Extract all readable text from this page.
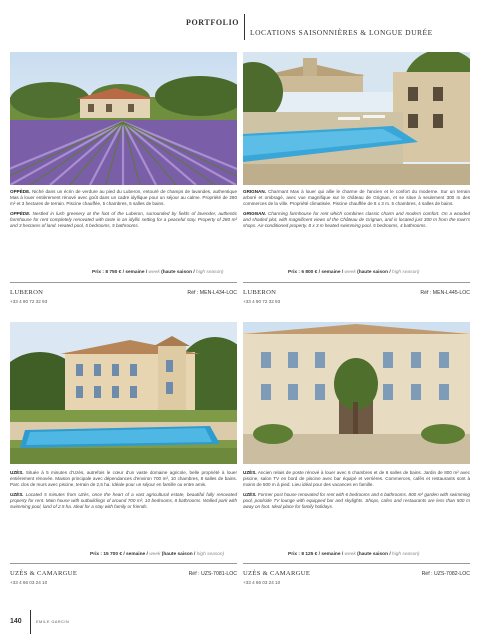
PORTFOLIO
LOCATIONS SAISONNIÈRES & LONGUE DURÉE

OPPÈDE. Niché dans un écrin de verdure au pied du Luberon, entouré de champs de lavandes, authentique Mas à louer entièrement rénové avec goût dans un cadre idyllique pour un séjour au calme. Propriété de 280 m² et 3 hectares de terrain. Piscine chauffée, 5 chambres, 5 salles de bains.

OPPÈDE. Nestled in lush greenery at the foot of the Luberon, surrounded by fields of lavender, authentic farmhouse for rent completely renovated with taste in an idyllic setting for a peaceful stay. Property of 280 m² and 3 hectares of land. Heated pool, 5 bedrooms, 5 bathrooms.

GRIGNAN. Charmant Mas à louer qui allie le charme de l'ancien et le confort du moderne. Sur un terrain arboré et ombragé, avec vue magnifique sur le château de Grignan, et se situe à seulement 300 m des commerces de la ville. Propriété climatisée. Piscine chauffée de 8 x 3 m. 5 chambres, 4 salles de bains.

GRIGNAN. Charming farmhouse for rent which combines classic charm and modern comfort. On a wooded and shaded plot, with magnificent views of the Château de Grignan, and is located just 300 m from the town's shops. Air-conditioned property. 8 x 3 m heated swimming pool. 5 bedrooms, 4 bathrooms.

Prix : 8 750 € / semaine / week (haute saison / high season)	Prix : 6 800 € / semaine / week (haute saison / high season)
LUBERON
+33 4 90 72 32 93
Réf : MEN-L434-LOC LUBERON
+33 4 90 72 32 93
Réf : MEN-L445-LOC

UZÈS. Située à 5 minutes d'Uzès, autrefois le cœur d'un vaste domaine agricole, belle propriété à louer entièrement rénovée. Maison principale avec dépendances d'environ 700 m², 10 chambres, 8 salles de bains. Parc clos de murs avec piscine, terrain de 2,5 ha. Idéale pour un séjour en famille ou entre amis.

UZÈS. Located 5 minutes from Uzès, once the heart of a vast agricultural estate, beautiful fully renovated property for rent. Main house with outbuildings of around 700 m², 10 bedrooms, 8 bathrooms. Walled park with swimming pool, land of 2.5 ha. Ideal for a stay with family or friends.

UZÈS. Ancien relais de poste rénové à louer avec 6 chambres et de 6 salles de bains. Jardin de 800 m² avec piscine, salon TV en bord de piscine avec bar équipé et verrières. Commerces, cafés et restaurants sont à moins de 500 m à pied. Lieu idéal pour des vacances en famille.

UZÈS. Former post house renovated for rent with 6 bedrooms and 6 bathrooms. 800 m² garden with swimming pool, poolside TV lounge with equipped bar and skylights. Shops, cafes and restaurants are less than 500 m away on foot. Ideal place for family holidays.

Prix : 15 700 € / semaine / week (haute saison / high season)	Prix : 8 125 € / semaine / week (haute saison / high season)
UZÈS & CAMARGUE
+33 4 66 03 24 10
Réf : UZS-7081-LOC UZÈS & CAMARGUE
+33 4 66 03 24 10
Réf : UZS-7082-LOC
140	EMILE GARCIN
